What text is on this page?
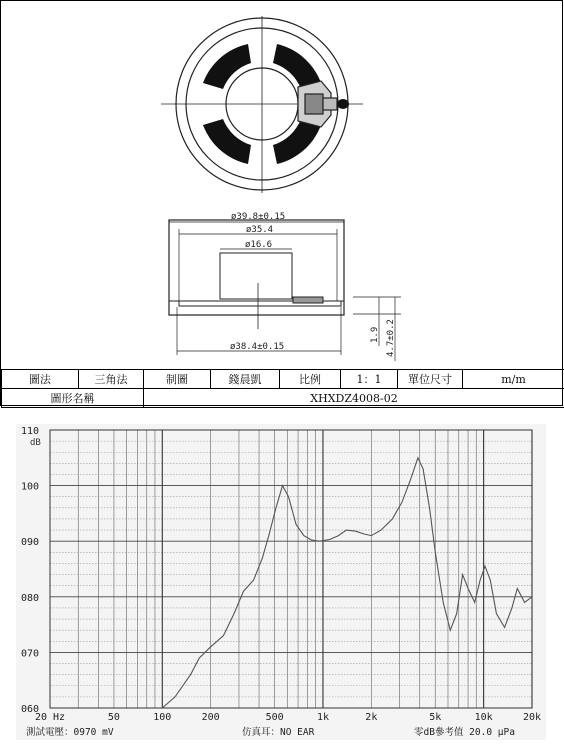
ø39.8±0.15
ø35.4
ø16.6
ø38.4±0.15
1.9 4.7±0.2
圖法	三角法	制圖	錢晨凱	比例	1：1	單位尺寸	m/m
圖形名稱		XHXDZ4008-02					
110
100
090
080
070
060
20 Hz	50	100	200	500	1k	2k	5k	10k	20k
dB
測試電壓：0970 mV	仿真耳：NO EAR	零dB參考值 20.0 μPa
